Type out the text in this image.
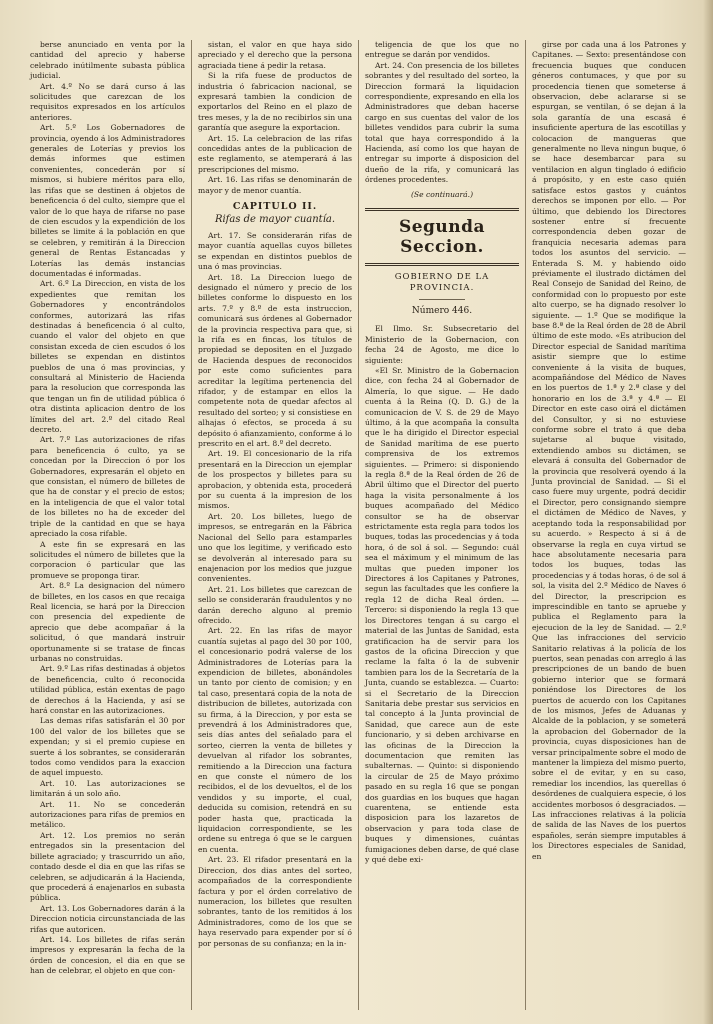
berse anunciado en venta por la cantidad del aprecio y haberse celebrado inútilmente subasta pública judicial.

Art. 4.º No se dará curso á las solicitudes que carezcan de los requisitos expresados en los artículos anteriores.

Art. 5.º Los Gobernadores de provincia, oyendo á los Administradores generales de Loterías y previos los demás informes que estimen convenientes, concederán por sí mismos, si hubiere méritos para ello, las rifas que se destinen á objetos de beneficencia ó del culto, siempre que el valor de lo que haya de rifarse no pase de cien escudos y la expendición de los billetes se limite á la población en que se celebren, y remitirán á la Direccion general de Rentas Estancadas y Loterías las demás instancias documentadas é informadas.

Art. 6.º La Direccion, en vista de los expedientes que remitan los Gobernadores y encontrándolos conformes, autorizará las rifas destinadas á beneficencia ó al culto, cuando el valor del objeto en que consistan exceda de cien escudos ó los billetes se expendan en distintos pueblos de una ó mas provincias, y consultará al Ministerio de Hacienda para la resolucion que corresponda las que tengan un fin de utilidad pública ó otra distinta aplicacion dentro de los límites del art. 2.º del citado Real decreto.

Art. 7.º Las autorizaciones de rifas para beneficencia ó culto, ya se concedan por la Direccion ó por los Gobernadores, expresarán el objeto en que consistan, el número de billetes de que ha de constar y el precio de estos; en la inteligencia de que el valor total de los billetes no ha de exceder del triple de la cantidad en que se haya apreciado la cosa rifable.

A este fin se expresará en las solicitudes el número de billetes que la corporacion ó particular que las promueve se proponga tirar.

Art. 8.º La designacion del número de billetes, en los casos en que recaiga Real licencia, se hará por la Direccion con presencia del expediente de aprecio que debe acompañar á la solicitud, ó que mandará instruir oportunamente si se tratase de fincas urbanas no construidas.

Art. 9.º Las rifas destinadas á objetos de beneficencia, culto ó reconocida utilidad pública, están exentas de pago de derechos á la Hacienda, y así se hará constar en las autorizaciones.

Las demas rifas satisfarán el 30 por 100 del valor de los billetes que se expendan; y si el premio cupiese en suerte á los sobrantes, se considerarán todos como vendidos para la exaccion de aquel impuesto.

Art. 10. Las autorizaciones se limitarán á un solo año.

Art. 11. No se concederán autorizaciones para rifas de premios en metálico.

Art. 12. Los premios no serán entregados sin la presentacion del billete agraciado; y trascurrido un año, contado desde el dia en que las rifas se celebren, se adjudicarán á la Hacienda, que procederá á enajenarlos en subasta pública.

Art. 13. Los Gobernadores darán á la Direccion noticia circunstanciada de las rifas que autoricen.

Art. 14. Los billetes de rifas serán impresos y expresarán la fecha de la órden de concesion, el dia en que se han de celebrar, el objeto en que con-

sistan, el valor en que haya sido apreciado y el derecho que la persona agraciada tiene á pedir la retasa.

Si la rifa fuese de productos de industria ó fabricacion nacional, se expresará tambien la condicion de exportarlos del Reino en el plazo de tres meses, y la de no recibirlos sin una garantía que asegure la exportacion.

Art. 15. La celebracion de las rifas concedidas antes de la publicacion de este reglamento, se atemperará á las prescripciones del mismo.

Art. 16. Las rifas se denominarán de mayor y de menor cuantía.

CAPITULO II.
Rifas de mayor cuantía.

Art. 17. Se considerarán rifas de mayor cuantía aquellas cuyos billetes se expendan en distintos pueblos de una ó mas provincias.

Art. 18. La Direccion luego de designado el número y precio de los billetes conforme lo dispuesto en los arts. 7.º y 8.º de esta instruccion, comunicará sus órdenes al Gobernador de la provincia respectiva para que, si la rifa es en fincas, los títulos de propiedad se depositen en el Juzgado de Hacienda despues de reconocidos por este como suficientes para acreditar la legítima pertenencia del rifador, y de estampar en ellos la competente nota de quedar afectos al resultado del sorteo; y si consistiese en alhajas ó efectos, se proceda á su depósito ó afianzamiento, conforme á lo prescrito en el art. 8.º del decreto.

Art. 19. El concesionario de la rifa presentará en la Direccion un ejemplar de los prospectos y billetes para su aprobacion, y obtenida esta, procederá por su cuenta á la impresion de los mismos.

Art. 20. Los billetes, luego de impresos, se entregarán en la Fábrica Nacional del Sello para estamparles uno que los legitime, y verificado esto se devolverán al interesado para su enajenacion por los medios que juzgue convenientes.

Art. 21. Los billetes que carezcan de sello se considerarán fraudulentos y no darán derecho alguno al premio ofrecido.

Art. 22. En las rifas de mayor cuantía sujetas al pago del 30 por 100, el concesionario podrá valerse de los Administradores de Loterías para la expendicion de billetes, abonándoles un tanto por ciento de comision; y en tal caso, presentará copia de la nota de distribucion de billetes, autorizada con su firma, á la Direccion, y por esta se prevendrá á los Administradores que, seis días antes del señalado para el sorteo, cierren la venta de billetes y devuelvan al rifador los sobrantes, remitiendo a la Direccion una factura en que conste el número de los recibidos, el de los devueltos, el de los vendidos y su importe, el cual, deducida su comision, retendrá en su poder hasta que, practicada la liquidacion correspondiente, se les ordene su entrega ó que se le carguen en cuenta.

Art. 23. El rifador presentará en la Direccion, dos dias antes del sorteo, acompañados de la correspondiente factura y por el órden correlativo de numeracion, los billetes que resulten sobrantes, tanto de los remitidos á los Administradores, como de los que se haya reservado para expender por sí ó por personas de su confianza; en la in-

teligencia de que los que no entregue se darán por vendidos.

Art. 24. Con presencia de los billetes sobrantes y del resultado del sorteo, la Direccion formará la liquidacion correspondiente, expresando en ella los Administradores que deban hacerse cargo en sus cuentas del valor de los billetes vendidos para cubrir la suma total que haya correspondido á la Hacienda, así como los que hayan de entregar su importe á disposicion del dueño de la rifa, y comunicará las órdenes procedentes.

(Se continuará.)
Segunda Seccion.
GOBIERNO DE LA PROVINCIA.
Número 446.

El Ilmo. Sr. Subsecretario del Ministerio de la Gobernacion, con fecha 24 de Agosto, me dice lo siguiente:

«El Sr. Ministro de la Gobernacion dice, con fecha 24 al Gobernador de Almería, lo que sigue. — He dado cuenta á la Reina (Q. D. G.) de la comunicacion de V. S. de 29 de Mayo último, á la que acompaña la consulta que le ha dirigido el Director especial de Sanidad marítima de ese puerto comprensiva de los extremos siguientes. — Primero: si disponiendo la regla 8.ª de la Real órden de 26 de Abril último que el Director del puerto haga la visita personalmente á los buques acompañado del Médico consultor se ha de observar estrictamente esta regla para todos los buques, todas las procedencias y á toda hora, ó de sol á sol. — Segundo: cuál sea el máximum y el minimum de las multas que pueden imponer los Directores á los Capitanes y Patrones, segun las facultades que les confiere la regla 12 de dicha Real órden. — Tercero: si disponiendo la regla 13 que los Directores tengan á su cargo el material de las Juntas de Sanidad, esta gratificacion ha de servir para los gastos de la oficina Direccion y que reclame la falta ó la de subvenir tambien para los de la Secretaría de la Junta, cuando se establezca. — Cuarto: si el Secretario de la Direccion Sanitaria debe prestar sus servicios en tal concepto á la Junta provincial de Sanidad, que carece aun de este funcionario, y si deben archivarse en las oficinas de la Direccion la documentacion que remiten las subalternas. — Quinto: si disponiendo la circular de 25 de Mayo próximo pasado en su regla 16 que se pongan dos guardias en los buques que hagan cuarentena, se entiende esta disposicion para los lazaretos de observacion y para toda clase de buques y dimensiones, cuántas fumigaciones deben darse, de qué clase y qué debe exi-

girse por cada una á los Patrones y Capitanes. — Sexto: presentándose con frecuencia buques que conducen géneros contumaces, y que por su procedencia tienen que someterse á observacion, debe aclararse si se espurgan, se ventilan, ó se dejan á la sola garantía de una escasá é insuficiente apertura de las escotillas y colocacion de mangueras que generalmente no lleva ningun buque, ó se hace desembarcar para su ventilacion en algun tinglado ó edificio á propósito, y en este caso quién satisface estos gastos y cuántos derechos se imponen por ello. — Por último, que debiendo los Directores sostener entre sí frecuente correspondencia deben gozar de franquicia necesaria ademas para todos los asuntos del servicio. — Enterada S. M. y habiendo oido préviamente el ilustrado dictámen del Real Consejo de Sanidad del Reino, de conformidad con lo propuesto por este alto cuerpo, se ha dignado resolver lo siguiente. — 1.º Que se modifique la base 8.ª de la Real órden de 28 de Abril último de este modo. «Es atribucion del Director especial de Sanidad marítima asistir siempre que lo estime conveniente á la visita de buques, acompañándose del Médico de Naves en los puertos de 1.ª y 2.ª clase y del honorario en los de 3.ª y 4.ª — El Director en este caso oirá el dictámen del Consultor, y si no estuviese conforme sobre el trato á que deba sujetarse al buque visitado, extendiendo ambos su dictámen, se elevará á consulta del Gobernador de la provincia que resolverá oyendo á la Junta provincial de Sanidad. — Si el caso fuere muy urgente, podrá decidir el Director, pero consignando siempre el dictámen de Médico de Naves, y aceptando toda la responsabilidad por su acuerdo. » Respecto á si á de observarse la regla en cuya virtud se hace absolutamente necesaria para todos los buques, todas las procedencias y á todas horas, ó de sol á sol, la visita del 2.º Médico de Naves ó del Director, la prescripcion es imprescindible en tanto se apruebe y publica el Reglamento para la ejecucion de la ley de Sanidad. — 2.º Que las infracciones del servicio Sanitario relativas á la policía de los puertos, sean penadas con arreglo á las prescripciones de un bando de buen gobierno interior que se formará poniéndose los Directores de los puertos de acuerdo con los Capitanes de los mismos, Jefes de Aduanas y Alcalde de la poblacion, y se someterá la aprobacion del Gobernador de la provincia, cuyas disposiciones han de versar principalmente sobre el modo de mantener la limpieza del mismo puerto, sobre el de evitar, y en su caso, remediar los incendios, las querellas ó desórdenes de cualquiera especie, ó los accidentes morbosos ó desgraciados. — Las infracciones relativas á la policía de salida de las Naves de los puertos españoles, serán siempre imputables á los Directores especiales de Sanidad, en
